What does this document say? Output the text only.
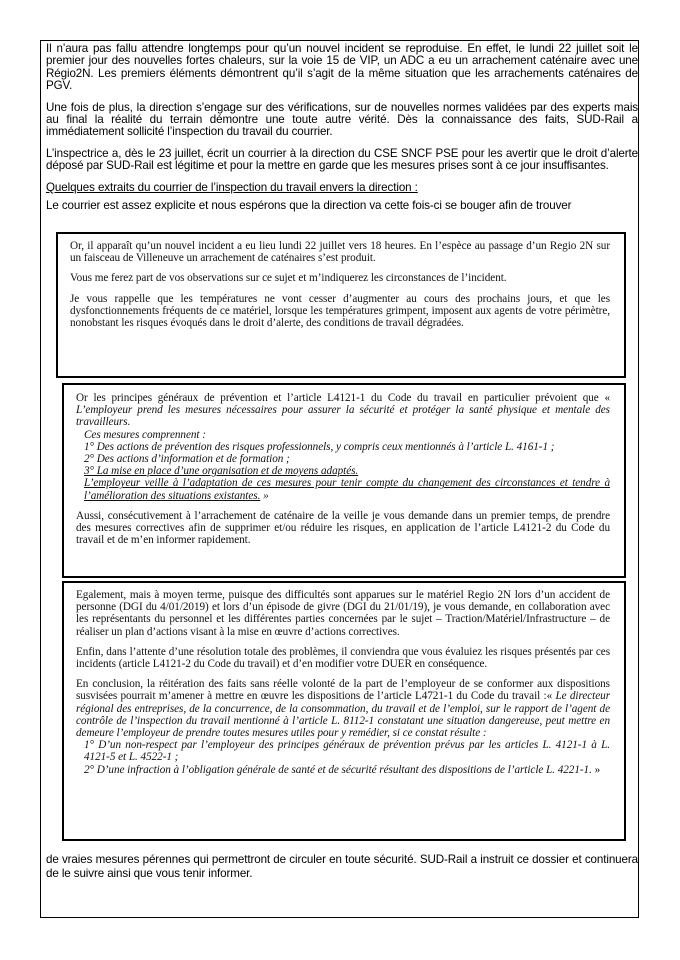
Il n’aura pas fallu attendre longtemps pour qu’un nouvel incident se reproduise. En effet, le lundi 22 juillet soit le premier jour des nouvelles fortes chaleurs, sur la voie 15 de VIP, un ADC a eu un arrachement caténaire avec une Régio2N. Les premiers éléments démontrent qu’il s’agit de la même situation que les arrachements caténaires de PGV.

Une fois de plus, la direction s’engage sur des vérifications, sur de nouvelles normes validées par des experts mais au final la réalité du terrain démontre une toute autre vérité. Dès la connaissance des faits, SUD-Rail a immédiatement sollicité l’inspection du travail du courrier.

L’inspectrice a, dès le 23 juillet, écrit un courrier à la direction du CSE SNCF PSE pour les avertir que le droit d’alerte déposé par SUD-Rail est légitime et pour la mettre en garde que les mesures prises sont à ce jour insuffisantes.

Quelques extraits du courrier de l’inspection du travail envers la direction :

Le courrier est assez explicite et nous espérons que la direction va cette fois-ci se bouger afin de trouver

Or, il apparaît qu’un nouvel incident a eu lieu lundi 22 juillet vers 18 heures. En l’espèce au passage d’un Regio 2N sur un faisceau de Villeneuve un arrachement de caténaires s’est produit.

Vous me ferez part de vos observations sur ce sujet et m’indiquerez les circonstances de l’incident.

Je vous rappelle que les températures ne vont cesser d’augmenter au cours des prochains jours, et que les dysfonctionnements fréquents de ce matériel, lorsque les températures grimpent, imposent aux agents de votre périmètre, nonobstant les risques évoqués dans le droit d’alerte, des conditions de travail dégradées.

Or les principes généraux de prévention et l’article L4121-1 du Code du travail en particulier prévoient que « L’employeur prend les mesures nécessaires pour assurer la sécurité et protéger la santé physique et mentale des travailleurs.

Ces mesures comprennent :

1° Des actions de prévention des risques professionnels, y compris ceux mentionnés à l’article L. 4161-1 ;

2° Des actions d’information et de formation ;

3° La mise en place d’une organisation et de moyens adaptés.

L’employeur veille à l’adaptation de ces mesures pour tenir compte du changement des circonstances et tendre à l’amélioration des situations existantes. »

Aussi, consécutivement à l’arrachement de caténaire de la veille je vous demande dans un premier temps, de prendre des mesures correctives afin de supprimer et/ou réduire les risques, en application de l’article L4121-2 du Code du travail et de m’en informer rapidement.

Egalement, mais à moyen terme, puisque des difficultés sont apparues sur le matériel Regio 2N lors d’un accident de personne (DGI du 4/01/2019) et lors d’un épisode de givre (DGI du 21/01/19), je vous demande, en collaboration avec les représentants du personnel et les différentes parties concernées par le sujet – Traction/Matériel/Infrastructure – de réaliser un plan d’actions visant à la mise en œuvre d’actions correctives.

Enfin, dans l’attente d’une résolution totale des problèmes, il conviendra que vous évaluiez les risques présentés par ces incidents (article L4121-2 du Code du travail) et d’en modifier votre DUER en conséquence.

En conclusion, la réitération des faits sans réelle volonté de la part de l’employeur de se conformer aux dispositions susvisées pourrait m’amener à mettre en œuvre les dispositions de l’article L4721-1 du Code du travail :« Le directeur régional des entreprises, de la concurrence, de la consommation, du travail et de l’emploi, sur le rapport de l’agent de contrôle de l’inspection du travail mentionné à l’article L. 8112-1 constatant une situation dangereuse, peut mettre en demeure l’employeur de prendre toutes mesures utiles pour y remédier, si ce constat résulte :

1° D’un non-respect par l’employeur des principes généraux de prévention prévus par les articles L. 4121-1 à L. 4121-5 et L. 4522-1 ;

2° D’une infraction à l’obligation générale de santé et de sécurité résultant des dispositions de l’article L. 4221-1. »

de vraies mesures pérennes qui permettront de circuler en toute sécurité. SUD-Rail a instruit ce dossier et continuera de le suivre ainsi que vous tenir informer.
